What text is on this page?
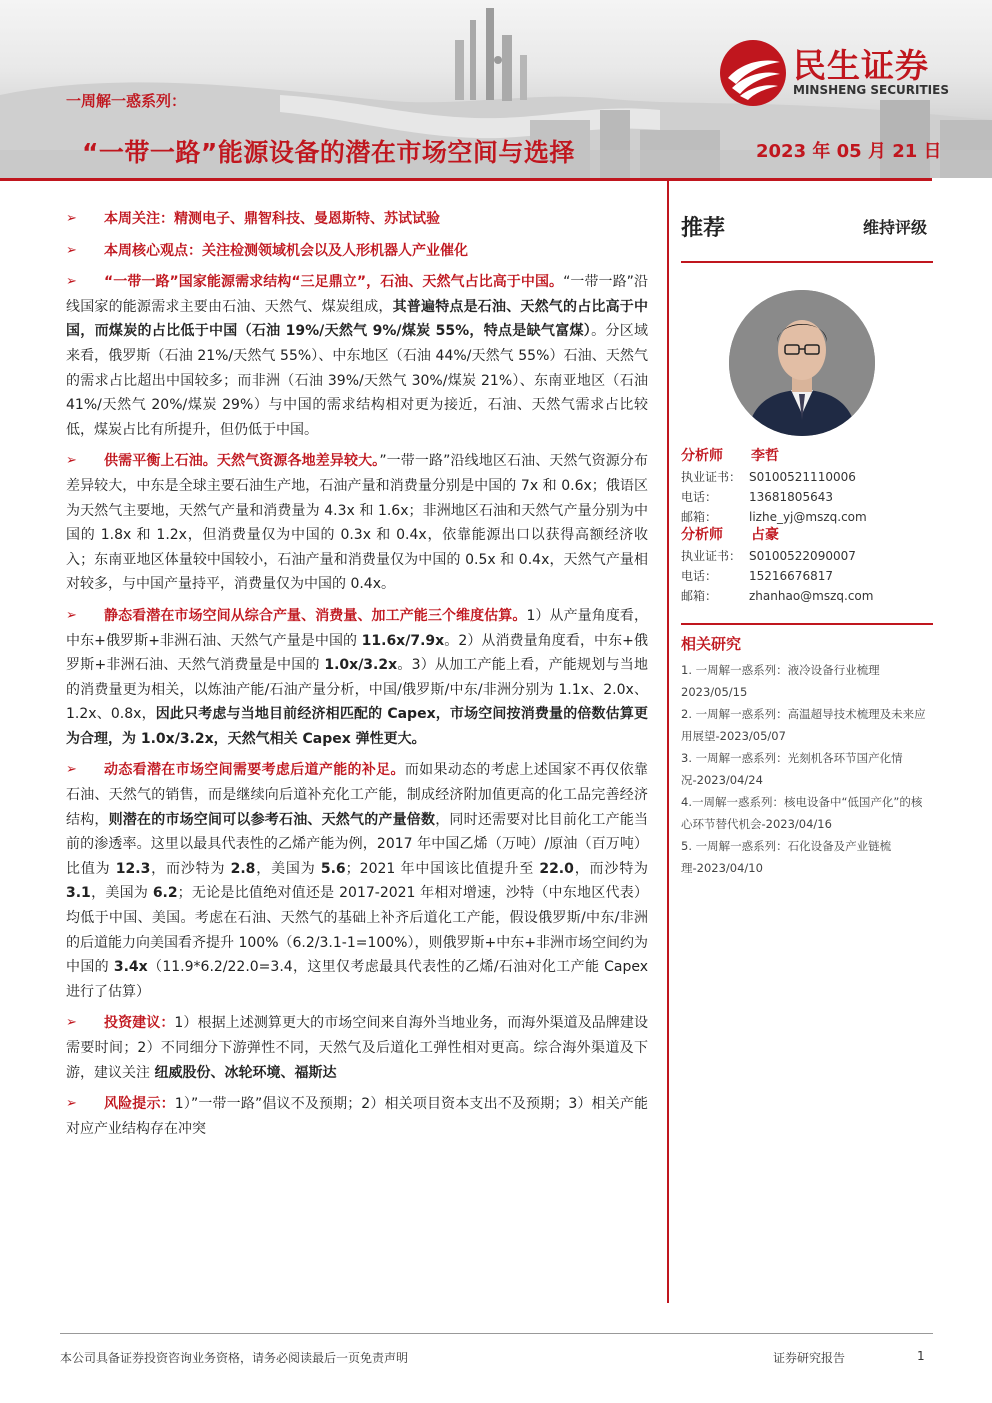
一周解一惑系列：
“一带一路”能源设备的潜在市场空间与选择	2023 年 05 月 21 日
民生证券
MINSHENG SECURITIES
➢	本周关注：精测电子、鼎智科技、曼恩斯特、苏试试验
➢	本周核心观点：关注检测领域机会以及人形机器人产业催化
➢	“一带一路”国家能源需求结构“三足鼎立”，石油、天然气占比高于中国。“一带一路”沿线国家的能源需求主要由石油、天然气、煤炭组成，其普遍特点是石油、天然气的占比高于中国，而煤炭的占比低于中国（石油 19%/天然气 9%/煤炭 55%，特点是缺气富煤）。分区域来看，俄罗斯（石油 21%/天然气 55%）、中东地区（石油 44%/天然气 55%）石油、天然气的需求占比超出中国较多；而非洲（石油 39%/天然气 30%/煤炭 21%）、东南亚地区（石油 41%/天然气 20%/煤炭 29%）与中国的需求结构相对更为接近，石油、天然气需求占比较低，煤炭占比有所提升，但仍低于中国。
➢	供需平衡上石油。天然气资源各地差异较大。”一带一路”沿线地区石油、天然气资源分布差异较大，中东是全球主要石油生产地，石油产量和消费量分别是中国的 7x 和 0.6x；俄语区为天然气主要地，天然气产量和消费量为 4.3x 和 1.6x；非洲地区石油和天然气产量分别为中国的 1.8x 和 1.2x，但消费量仅为中国的 0.3x 和 0.4x，依靠能源出口以获得高额经济收入；东南亚地区体量较中国较小，石油产量和消费量仅为中国的 0.5x 和 0.4x，天然气产量相对较多，与中国产量持平，消费量仅为中国的 0.4x。
➢	静态看潜在市场空间从综合产量、消费量、加工产能三个维度估算。1）从产量角度看，中东+俄罗斯+非洲石油、天然气产量是中国的 11.6x/7.9x。2）从消费量角度看，中东+俄罗斯+非洲石油、天然气消费量是中国的 1.0x/3.2x。3）从加工产能上看，产能规划与当地的消费量更为相关，以炼油产能/石油产量分析，中国/俄罗斯/中东/非洲分别为 1.1x、2.0x、1.2x、0.8x，因此只考虑与当地目前经济相匹配的 Capex，市场空间按消费量的倍数估算更为合理，为 1.0x/3.2x，天然气相关 Capex 弹性更大。
➢	动态看潜在市场空间需要考虑后道产能的补足。而如果动态的考虑上述国家不再仅依靠石油、天然气的销售，而是继续向后道补充化工产能，制成经济附加值更高的化工品完善经济结构，则潜在的市场空间可以参考石油、天然气的产量倍数，同时还需要对比目前化工产能当前的渗透率。这里以最具代表性的乙烯产能为例，2017 年中国乙烯（万吨）/原油（百万吨）比值为 12.3，而沙特为 2.8，美国为 5.6；2021 年中国该比值提升至 22.0，而沙特为 3.1，美国为 6.2；无论是比值绝对值还是 2017-2021 年相对增速，沙特（中东地区代表）均低于中国、美国。考虑在石油、天然气的基础上补齐后道化工产能，假设俄罗斯/中东/非洲的后道能力向美国看齐提升 100%（6.2/3.1-1=100%），则俄罗斯+中东+非洲市场空间约为中国的 3.4x（11.9*6.2/22.0=3.4，这里仅考虑最具代表性的乙烯/石油对化工产能 Capex 进行了估算）
➢	投资建议：1）根据上述测算更大的市场空间来自海外当地业务，而海外渠道及品牌建设需要时间；2）不同细分下游弹性不同，天然气及后道化工弹性相对更高。综合海外渠道及下游，建议关注 纽威股份、冰轮环境、福斯达
➢	风险提示：1）”一带一路”倡议不及预期；2）相关项目资本支出不及预期；3）相关产能对应产业结构存在冲突
推荐	维持评级
分析师 李哲
执业证书： S0100521110006
电话：	13681805643
邮箱：	lizhe_yj@mszq.com
分析师 占豪
执业证书： S0100522090007
电话：	15216676817
邮箱：	zhanhao@mszq.com
相关研究
1. 一周解一惑系列：液冷设备行业梳理 2023/05/15
2. 一周解一惑系列：高温超导技术梳理及未来应用展望-2023/05/07
3. 一周解一惑系列：光刻机各环节国产化情况-2023/04/24
4.一周解一惑系列：核电设备中“低国产化”的核心环节替代机会-2023/04/16
5. 一周解一惑系列：石化设备及产业链梳理-2023/04/10
本公司具备证券投资咨询业务资格，请务必阅读最后一页免责声明	证券研究报告	1
